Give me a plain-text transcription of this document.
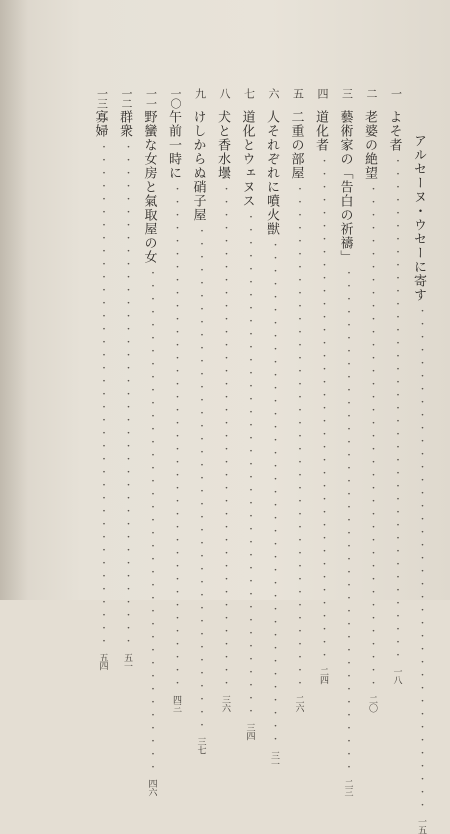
アルセーヌ・ウセーに寄す
・・・・・・・・・・・・・・・・・・・・・・・・・・・・・・・・・・・・・・・
一五
一
よそ者
・・・・・・・・・・・・・・・・・・・・・・・・・・・・・・・・・・・・・・・
一八
二
老婆の絶望
・・・・・・・・・・・・・・・・・・・・・・・・・・・・・・・・・・・・・・・
二〇
三
藝術家の「告白の祈禱」
・・・・・・・・・・・・・・・・・・・・・・・・・・・・・・・・・・・・・・・
二三
四
道化者
・・・・・・・・・・・・・・・・・・・・・・・・・・・・・・・・・・・・・・・
二四
五
二重の部屋
・・・・・・・・・・・・・・・・・・・・・・・・・・・・・・・・・・・・・・・
二六
六
人それぞれに噴火獣
・・・・・・・・・・・・・・・・・・・・・・・・・・・・・・・・・・・・・・・
三一
七
道化とウェヌス
・・・・・・・・・・・・・・・・・・・・・・・・・・・・・・・・・・・・・・・
三四
八
犬と香水壜
・・・・・・・・・・・・・・・・・・・・・・・・・・・・・・・・・・・・・・・
三六
九
けしからぬ硝子屋
・・・・・・・・・・・・・・・・・・・・・・・・・・・・・・・・・・・・・・・
三七
一〇
午前一時に
・・・・・・・・・・・・・・・・・・・・・・・・・・・・・・・・・・・・・・・
四三
一一
野蠻な女房と氣取屋の女
・・・・・・・・・・・・・・・・・・・・・・・・・・・・・・・・・・・・・・・
四六
一二
群衆
・・・・・・・・・・・・・・・・・・・・・・・・・・・・・・・・・・・・・・・
五一
一三
寡婦
・・・・・・・・・・・・・・・・・・・・・・・・・・・・・・・・・・・・・・・
五四
